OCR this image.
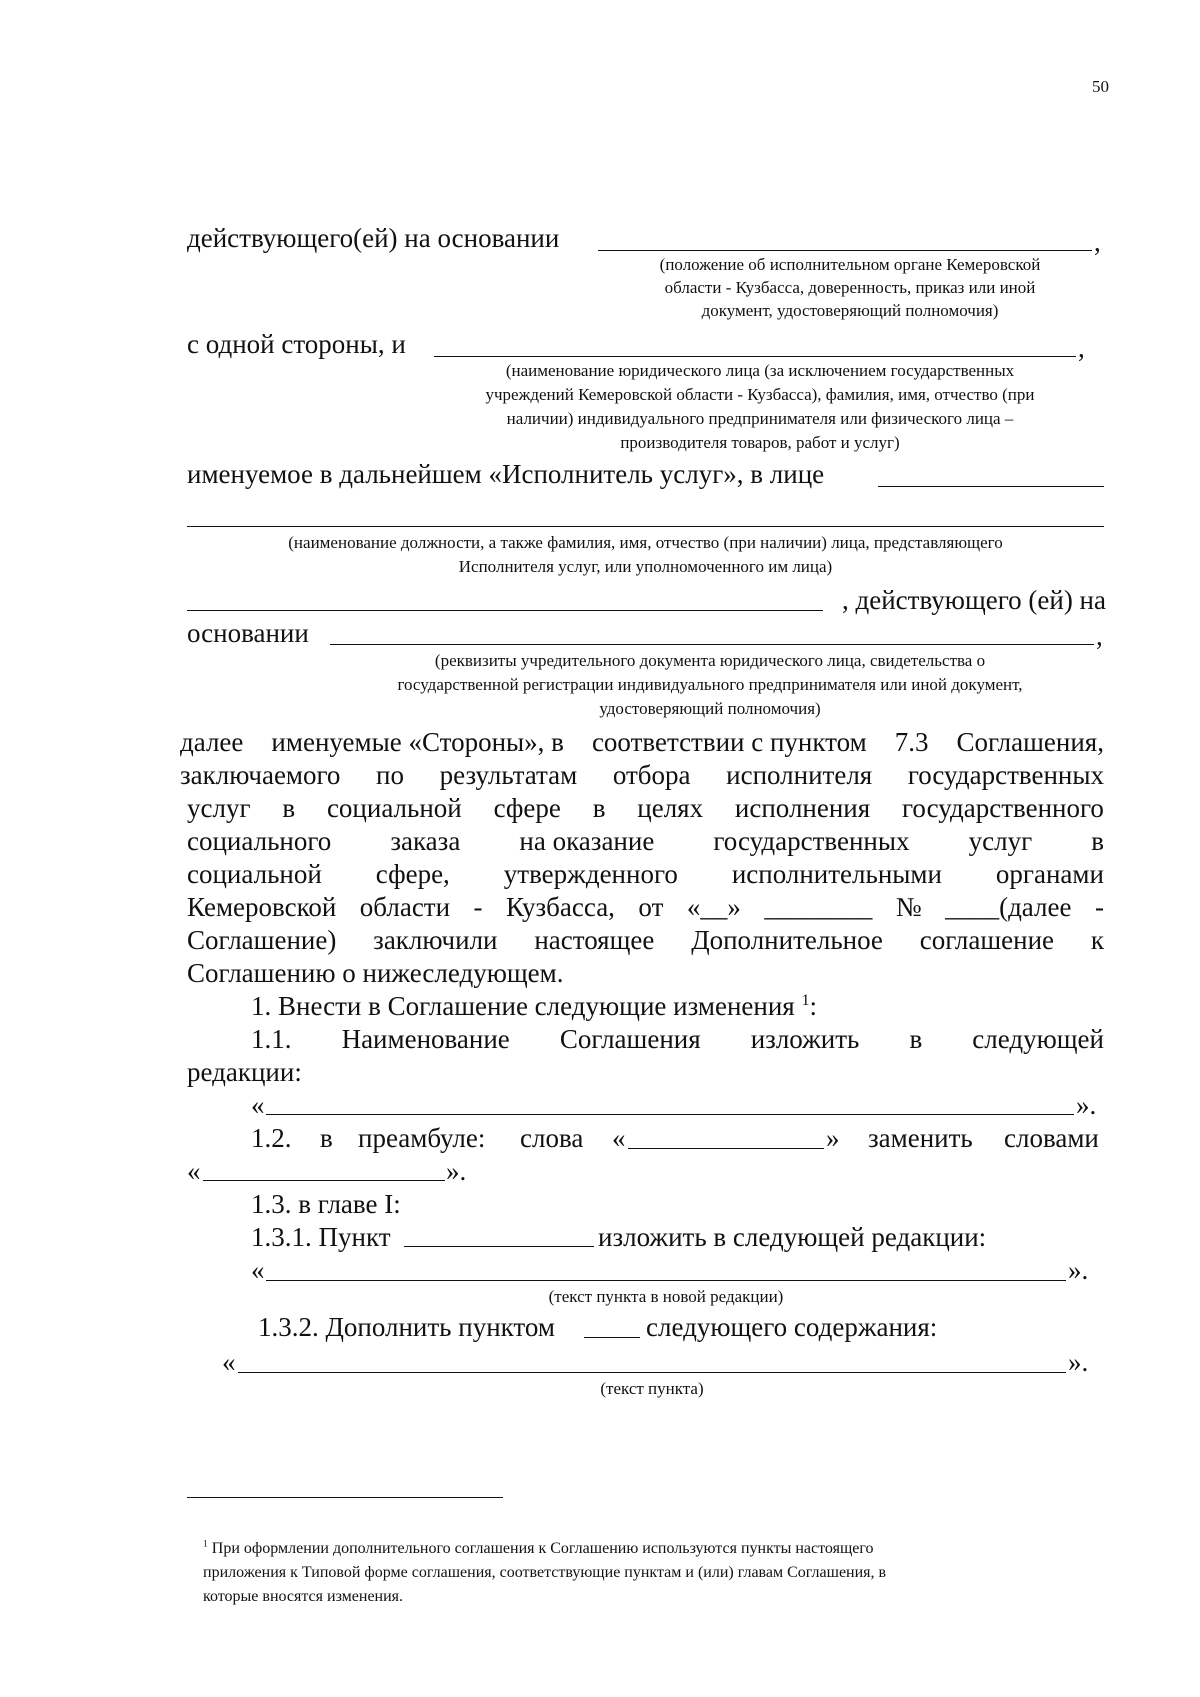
50
действующего(ей) на основании	,
(положение об исполнительном органе Кемеровской
области - Кузбасса, доверенность, приказ или иной
документ, удостоверяющий полномочия)
с одной стороны, и	,
(наименование юридического лица (за исключением государственных
учреждений Кемеровской области - Кузбасса), фамилия, имя, отчество (при
наличии) индивидуального предпринимателя или физического лица –
производителя товаров, работ и услуг)
именуемое в дальнейшем «Исполнитель услуг», в лице
(наименование должности, а также фамилия, имя, отчество (при наличии) лица, представляющего
Исполнителя услуг, или уполномоченного им лица)
, действующего (ей) на
основании	,
(реквизиты учредительного документа юридического лица, свидетельства о
государственной регистрации индивидуального предпринимателя или иной документ,
удостоверяющий полномочия)
далее именуемые «Стороны», в соответствии с пунктом 7.3 Соглашения,
заключаемого по результатам отбора исполнителя государственных
услуг в социальной сфере в целях исполнения государственного
социального заказа на оказание государственных услуг в
социальной сфере, утвержденного исполнительными органами
Кемеровской области - Кузбасса, от «__» ________ № ____(далее -
Соглашение) заключили настоящее Дополнительное соглашение к
Соглашению о нижеследующем.
1. Внести в Соглашение следующие изменения $^1$:
1.1. Наименование Соглашения изложить в следующей
редакции:
«	».
1.2. в преамбуле: слова «	» заменить словами
«	».
1.3. в главе I:
1.3.1. Пункт	изложить в следующей редакции:
«	».
(текст пункта в новой редакции)
1.3.2. Дополнить пунктом	следующего содержания:
«	».
(текст пункта)
$^1$ При оформлении дополнительного соглашения к Соглашению используются пункты настоящего
приложения к Типовой форме соглашения, соответствующие пунктам и (или) главам Соглашения, в
которые вносятся изменения.
